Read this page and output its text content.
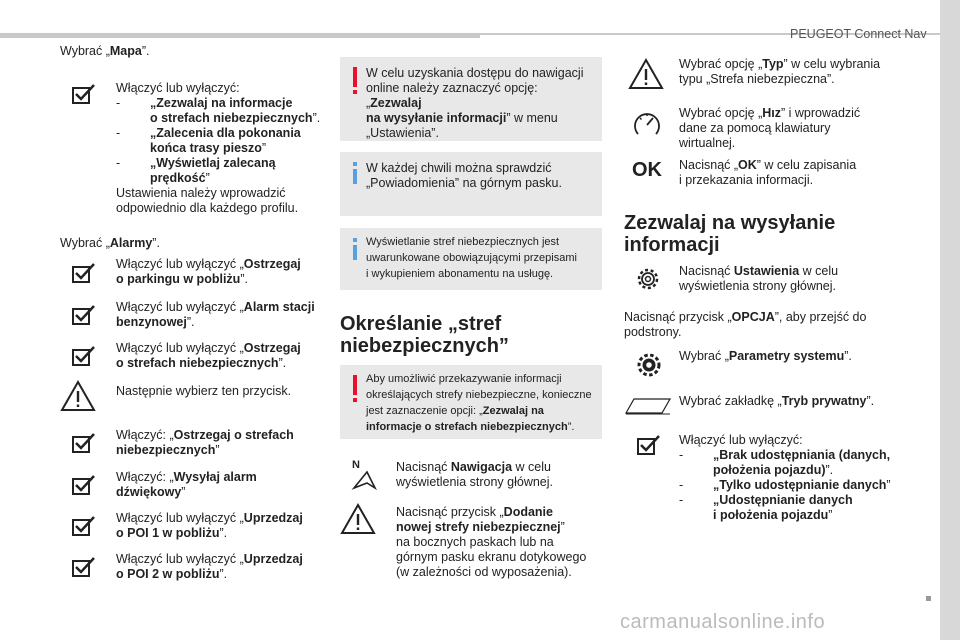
PEUGEOT Connect Nav
Wybrać „Mapa”.
Włączyć lub wyłączyć:
- „Zezwalaj na informacje
o strefach niebezpiecznych”.
- „Zalecenia dla pokonania
końca trasy pieszo”
- „Wyświetlaj zalecaną
prędkość”
Ustawienia należy wprowadzić
odpowiednio dla każdego profilu.
Wybrać „Alarmy”.
Włączyć lub wyłączyć „Ostrzegaj
o parkingu w pobliżu”.
Włączyć lub wyłączyć „Alarm stacji
benzynowej”.
Włączyć lub wyłączyć „Ostrzegaj
o strefach niebezpiecznych”.
Następnie wybierz ten przycisk.
Włączyć: „Ostrzegaj o strefach
niebezpiecznych”
Włączyć: „Wysyłaj alarm
dźwiękowy”
Włączyć lub wyłączyć „Uprzedzaj
o POI 1 w pobliżu”.
Włączyć lub wyłączyć „Uprzedzaj
o POI 2 w pobliżu”.
W celu uzyskania dostępu do nawigacji
online należy zaznaczyć opcję: „Zezwalaj
na wysyłanie informacji” w menu
„Ustawienia”.
W każdej chwili można sprawdzić
„Powiadomienia” na górnym pasku.
Wyświetlanie stref niebezpiecznych jest
uwarunkowane obowiązującymi przepisami
i wykupieniem abonamentu na usługę.
Określanie „stref
niebezpiecznych”
Aby umożliwić przekazywanie informacji
określających strefy niebezpieczne, konieczne
jest zaznaczenie opcji: „Zezwalaj na
informacje o strefach niebezpiecznych”.
N	Nacisnąć Nawigacja w celu
wyświetlenia strony głównej.
Nacisnąć przycisk „Dodanie
nowej strefy niebezpiecznej”
na bocznych paskach lub na
górnym pasku ekranu dotykowego
(w zależności od wyposażenia).
Wybrać opcję „Typ” w celu wybrania
typu „Strefa niebezpieczna”.
Wybrać opcję „Hız” i wprowadzić
dane za pomocą klawiatury
wirtualnej.
OK Nacisnąć „OK” w celu zapisania
i przekazania informacji.
Zezwalaj na wysyłanie
informacji
Nacisnąć Ustawienia w celu
wyświetlenia strony głównej.
Nacisnąć przycisk „OPCJA”, aby przejść do
podstrony.
Wybrać „Parametry systemu”.
Wybrać zakładkę „Tryb prywatny”.
Włączyć lub wyłączyć:
- „Brak udostępniania (danych,
położenia pojazdu)”.
- „Tylko udostępnianie danych”
- „Udostępnianie danych
i położenia pojazdu”
carmanualsonline.info	17
